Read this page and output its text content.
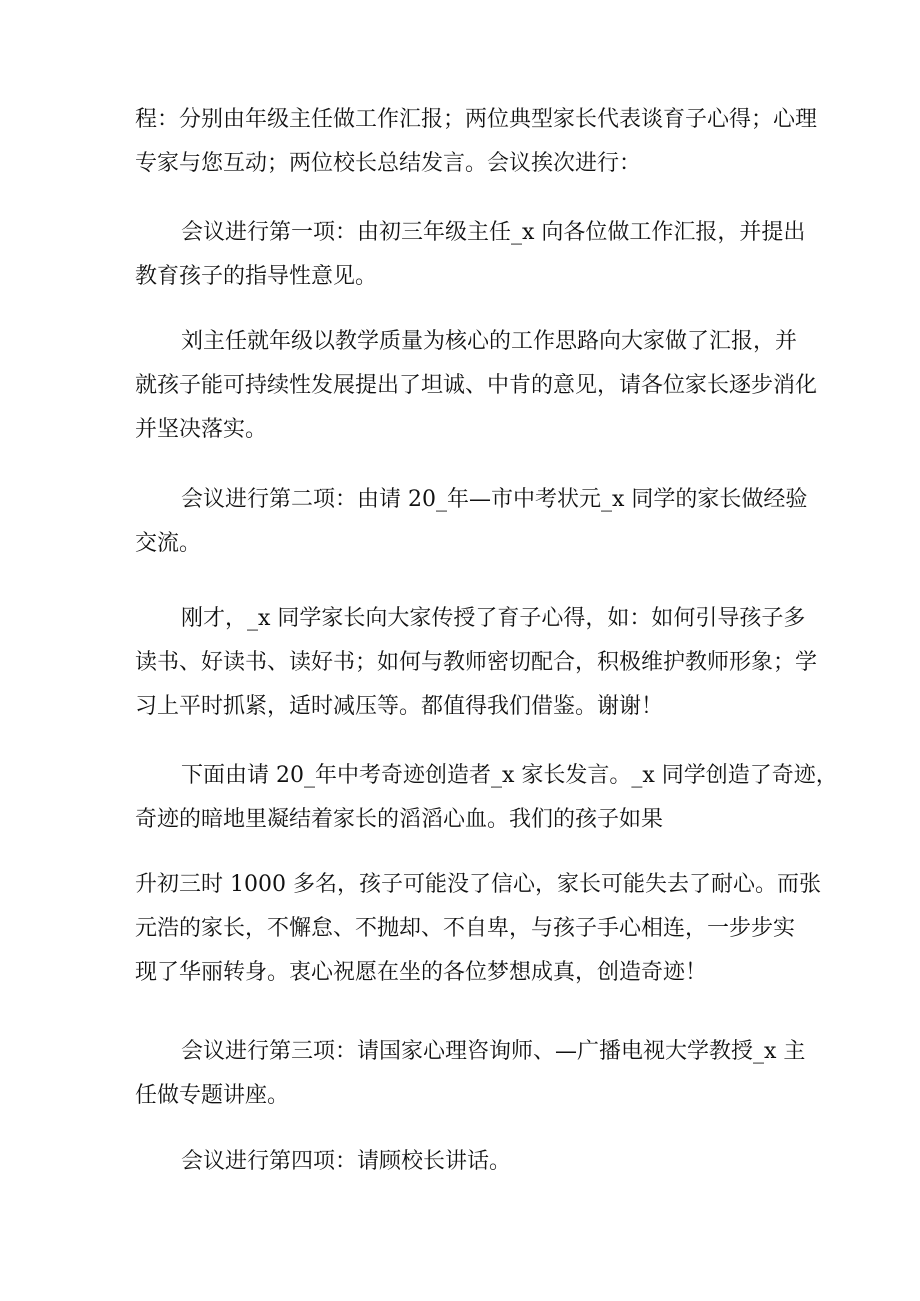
程：分别由年级主任做工作汇报；两位典型家长代表谈育子心得；心理
专家与您互动；两位校长总结发言。会议挨次进行：

会议进行第一项：由初三年级主任_x 向各位做工作汇报，并提出
教育孩子的指导性意见。

刘主任就年级以教学质量为核心的工作思路向大家做了汇报，并
就孩子能可持续性发展提出了坦诚、中肯的意见，请各位家长逐步消化
并坚决落实。

会议进行第二项：由请 20_年—市中考状元_x 同学的家长做经验
交流。

刚才，_x 同学家长向大家传授了育子心得，如：如何引导孩子多
读书、好读书、读好书；如何与教师密切配合，积极维护教师形象；学
习上平时抓紧，适时减压等。都值得我们借鉴。谢谢！

下面由请 20_年中考奇迹创造者_x 家长发言。_x 同学创造了奇迹，
奇迹的暗地里凝结着家长的滔滔心血。我们的孩子如果

升初三时 1000 多名，孩子可能没了信心，家长可能失去了耐心。而张
元浩的家长，不懈怠、不抛却、不自卑，与孩子手心相连，一步步实
现了华丽转身。衷心祝愿在坐的各位梦想成真，创造奇迹！

会议进行第三项：请国家心理咨询师、—广播电视大学教授_x 主
任做专题讲座。

会议进行第四项：请顾校长讲话。
